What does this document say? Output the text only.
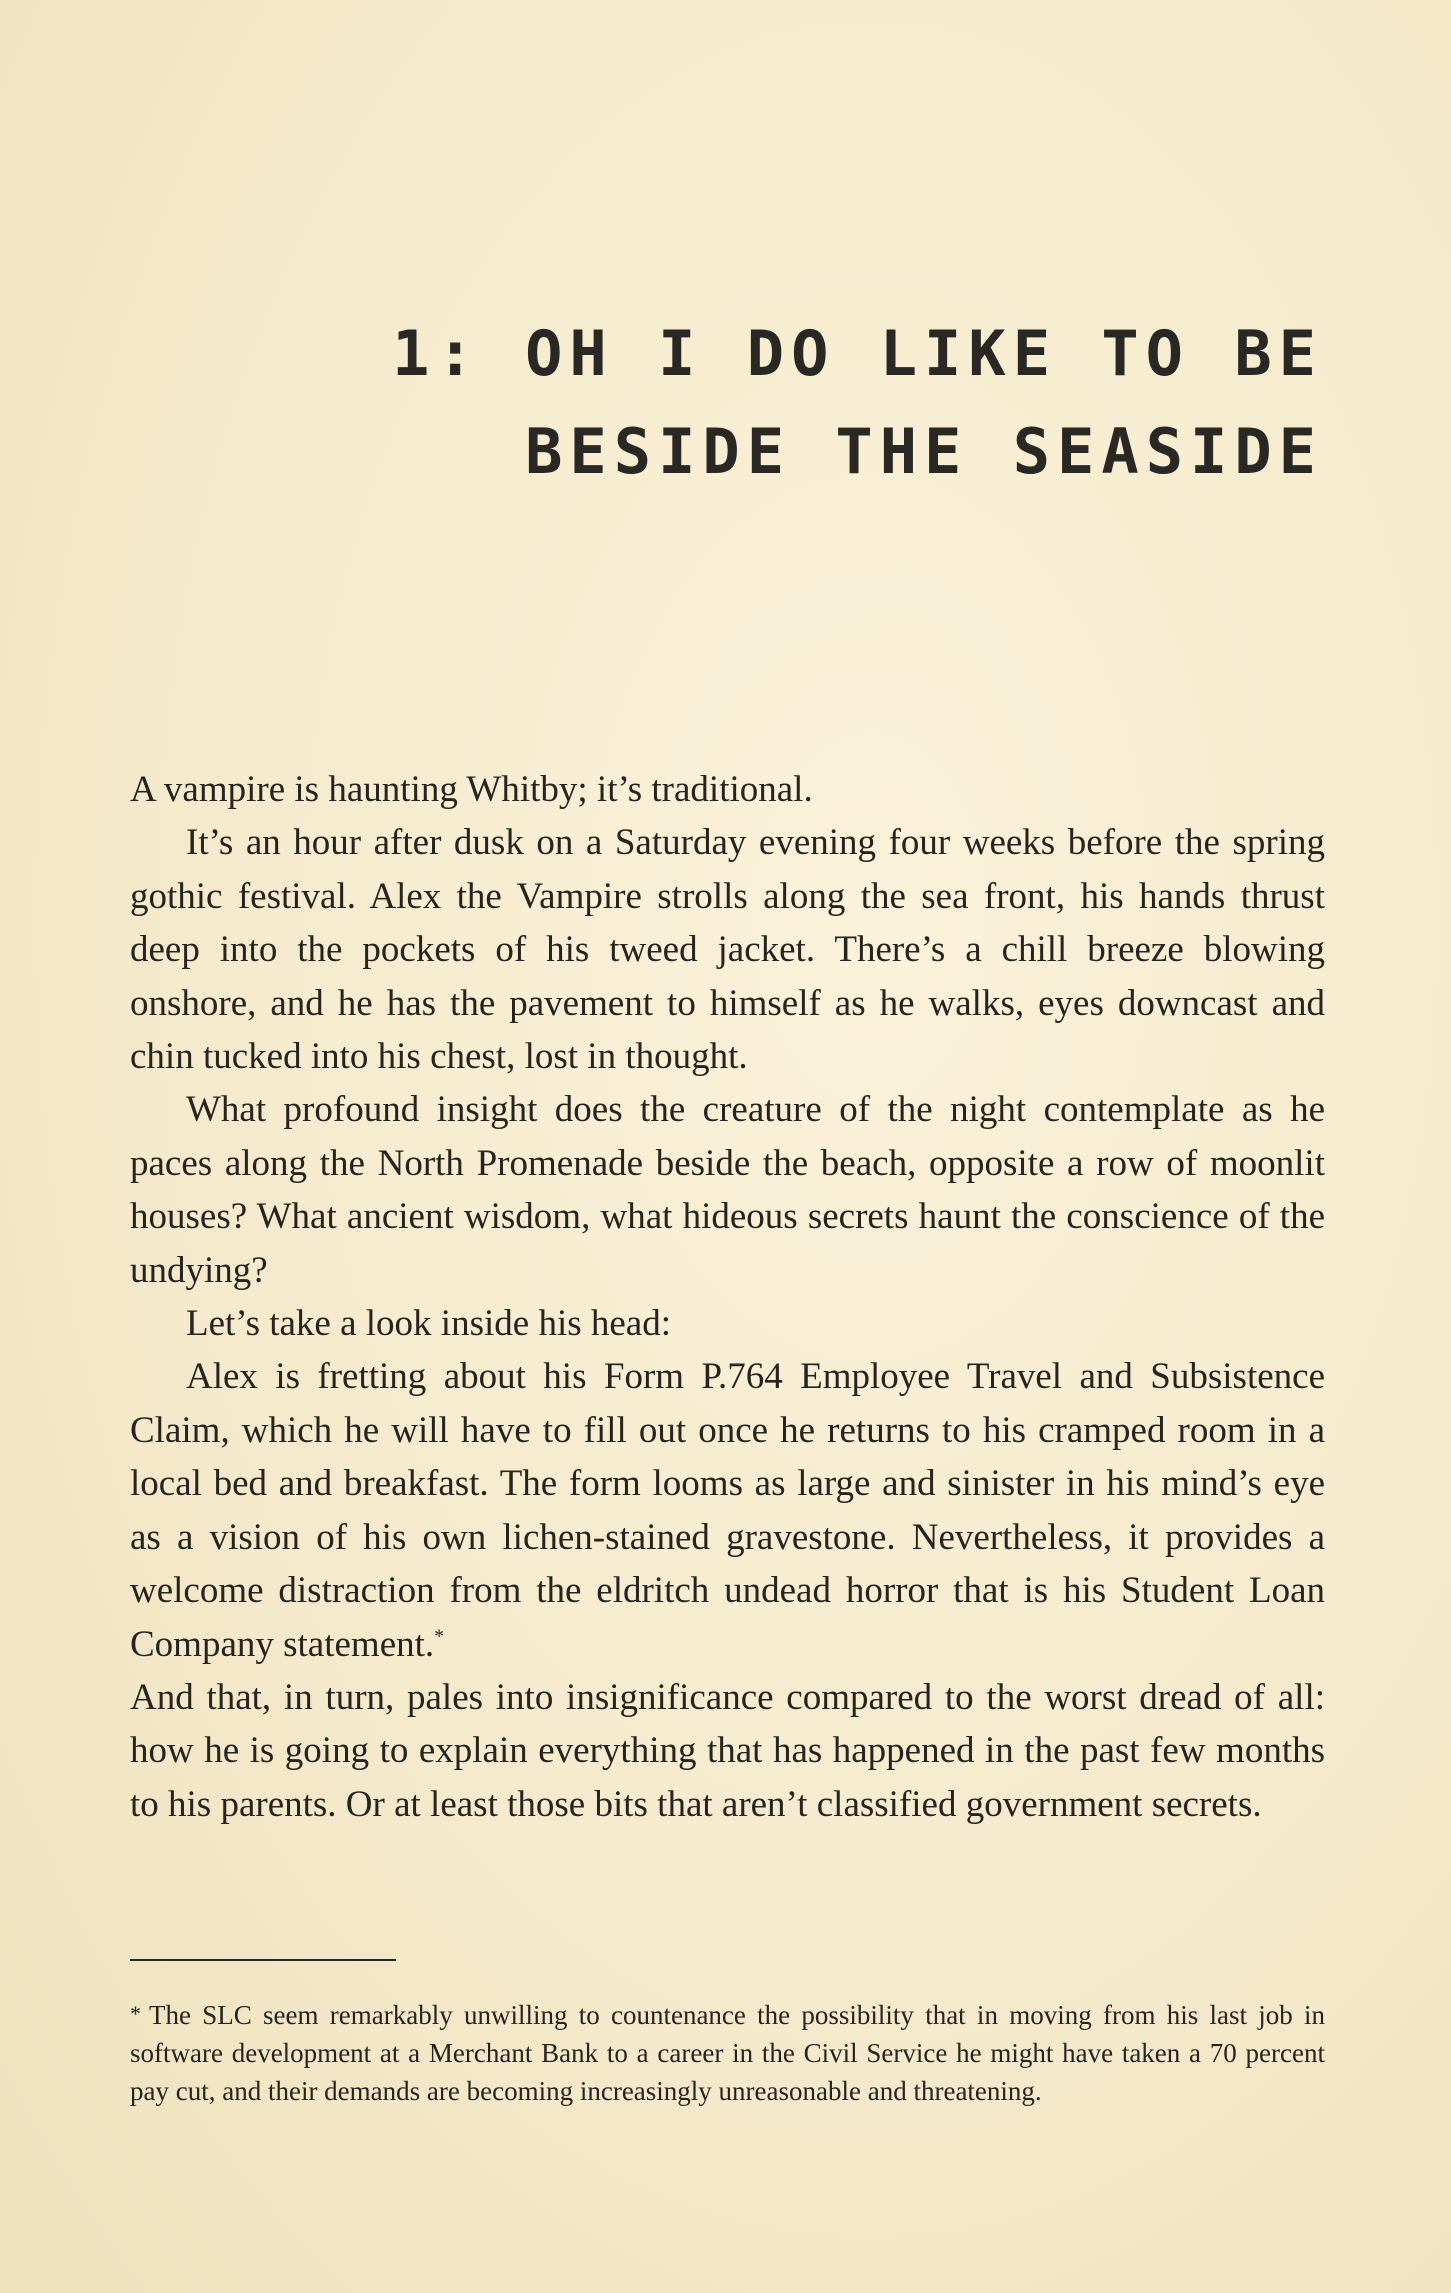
1: OH I DO LIKE TO BE
BESIDE THE SEASIDE

A vampire is haunting Whitby; it’s traditional.

It’s an hour after dusk on a Saturday evening four weeks before the spring gothic festival. Alex the Vampire strolls along the sea front, his hands thrust deep into the pockets of his tweed jacket. There’s a chill breeze blowing onshore, and he has the pavement to himself as he walks, eyes downcast and chin tucked into his chest, lost in thought.

What profound insight does the creature of the night contemplate as he paces along the North Promenade beside the beach, opposite a row of moonlit houses? What ancient wisdom, what hideous secrets haunt the conscience of the undying?

Let’s take a look inside his head:

Alex is fretting about his Form P.764 Employee Travel and Subsistence Claim, which he will have to fill out once he returns to his cramped room in a local bed and breakfast. The form looms as large and sinister in his mind’s eye as a vision of his own lichen-stained gravestone. Nevertheless, it provides a welcome distraction from the eldritch undead horror that is his Student Loan Company statement.*

And that, in turn, pales into insignificance compared to the worst dread of all: how he is going to explain everything that has happened in the past few months to his parents. Or at least those bits that aren’t classified government secrets.

* The SLC seem remarkably unwilling to countenance the possibility that in moving from his last job in software development at a Merchant Bank to a career in the Civil Service he might have taken a 70 percent pay cut, and their demands are becoming increasingly unreasonable and threatening.
